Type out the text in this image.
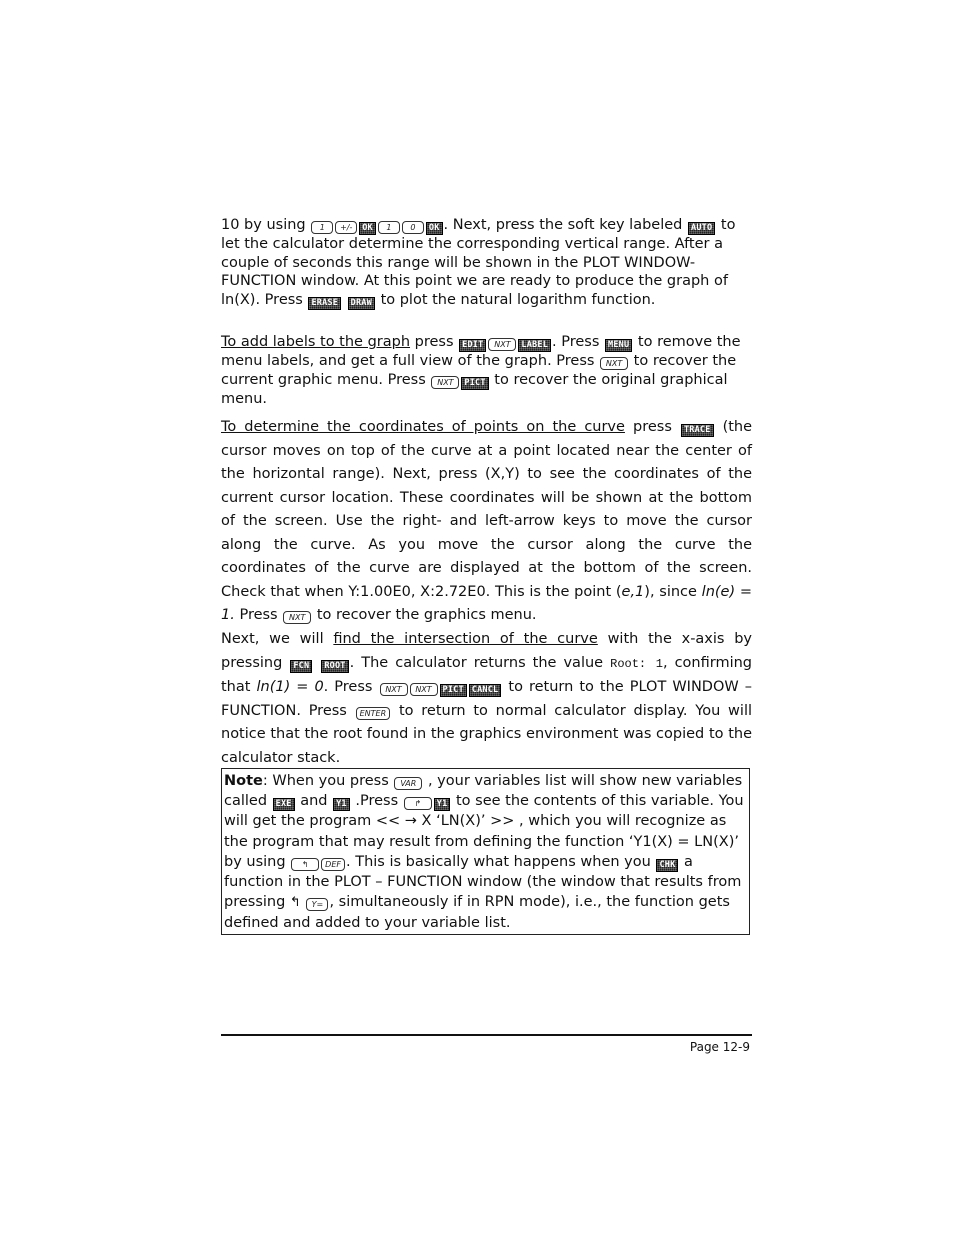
10 by using 1 +/- OK 1 0 OK . Next, press the soft key labeled AUTO to let the calculator determine the corresponding vertical range. After a couple of seconds this range will be shown in the PLOT WINDOW-FUNCTION window. At this point we are ready to produce the graph of ln(X). Press ERASE DRAW to plot the natural logarithm function.

To add labels to the graph press EDIT NXT LABEL . Press MENU to remove the menu labels, and get a full view of the graph. Press NXT to recover the current graphic menu. Press NXT PICT to recover the original graphical menu.

To determine the coordinates of points on the curve press TRACE (the cursor moves on top of the curve at a point located near the center of the horizontal range). Next, press (X,Y) to see the coordinates of the current cursor location. These coordinates will be shown at the bottom of the screen. Use the right- and left-arrow keys to move the cursor along the curve. As you move the cursor along the curve the coordinates of the curve are displayed at the bottom of the screen. Check that when Y:1.00E0, X:2.72E0. This is the point (e,1), since ln(e) = 1. Press NXT to recover the graphics menu.

Next, we will find the intersection of the curve with the x-axis by pressing FCN ROOT . The calculator returns the value Root: 1, confirming that ln(1) = 0. Press NXT NXT PICT CANCL to return to the PLOT WINDOW – FUNCTION. Press ENTER to return to normal calculator display. You will notice that the root found in the graphics environment was copied to the calculator stack.

Note: When you press VAR , your variables list will show new variables called EXE and Y1 .Press ↱ Y1 to see the contents of this variable. You will get the program << → X ‘LN(X)’ >> , which you will recognize as the program that may result from defining the function ‘Y1(X) = LN(X)’ by using ↰ DEF . This is basically what happens when you CHK a function in the PLOT – FUNCTION window (the window that results from pressing ↰ Y= , simultaneously if in RPN mode), i.e., the function gets defined and added to your variable list.

Page 12-9
